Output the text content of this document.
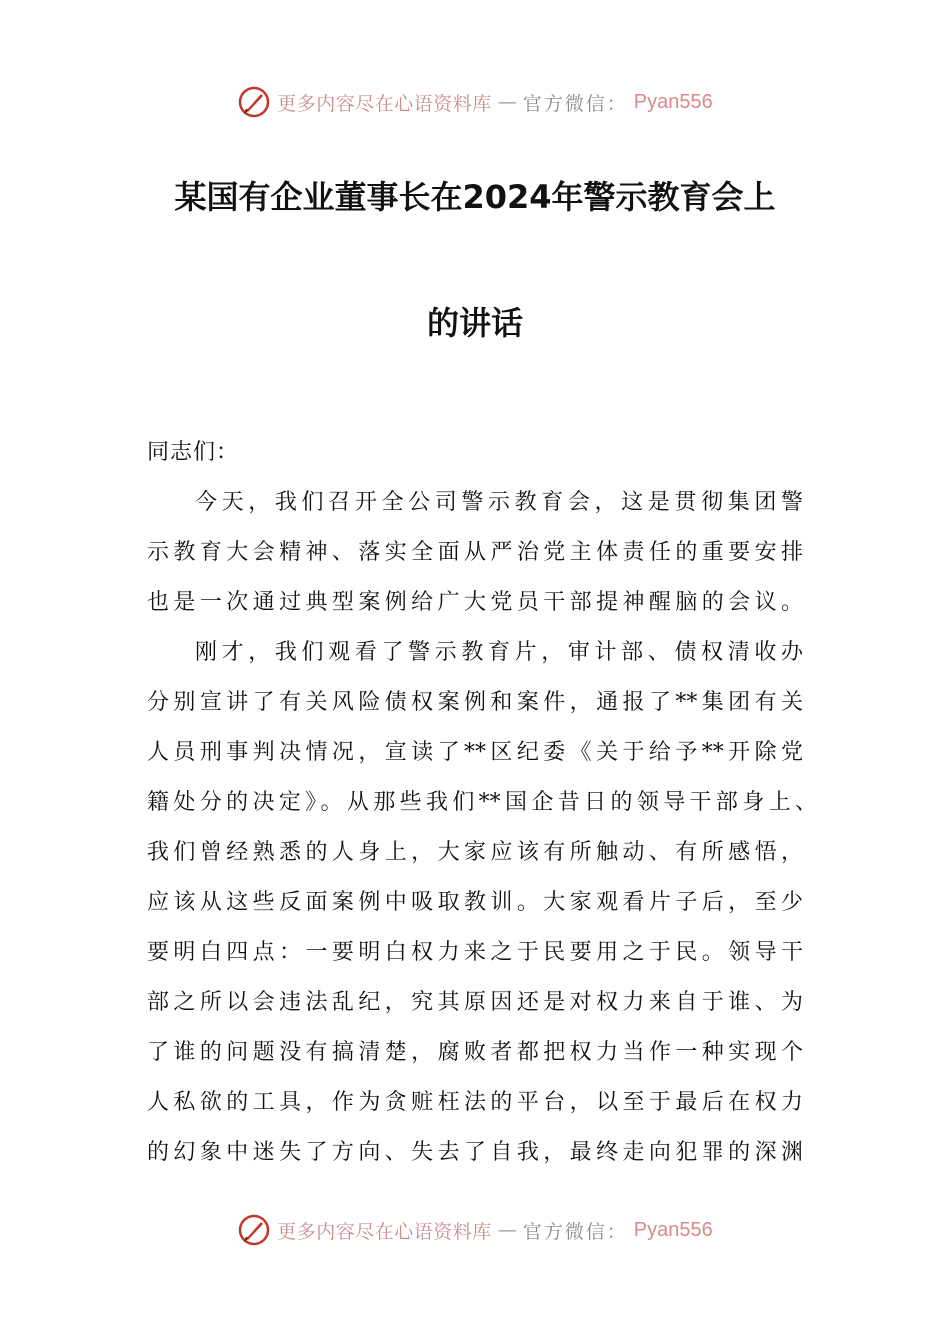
更多内容尽在心语资料库 — 官方微信： Pyan556
某国有企业董事长在2024年警示教育会上
的讲话

同志们：

今天，我们召开全公司警示教育会，这是贯彻集团警

示教育大会精神、落实全面从严治党主体责任的重要安排

也是一次通过典型案例给广大党员干部提神醒脑的会议。

刚才，我们观看了警示教育片，审计部、债权清收办

分别宣讲了有关风险债权案例和案件，通报了**集团有关

人员刑事判决情况，宣读了**区纪委《关于给予**开除党

籍处分的决定》。从那些我们**国企昔日的领导干部身上、

我们曾经熟悉的人身上，大家应该有所触动、有所感悟，

应该从这些反面案例中吸取教训。大家观看片子后，至少

要明白四点：一要明白权力来之于民要用之于民。领导干

部之所以会违法乱纪，究其原因还是对权力来自于谁、为

了谁的问题没有搞清楚，腐败者都把权力当作一种实现个

人私欲的工具，作为贪赃枉法的平台，以至于最后在权力

的幻象中迷失了方向、失去了自我，最终走向犯罪的深渊

更多内容尽在心语资料库 — 官方微信： Pyan556
